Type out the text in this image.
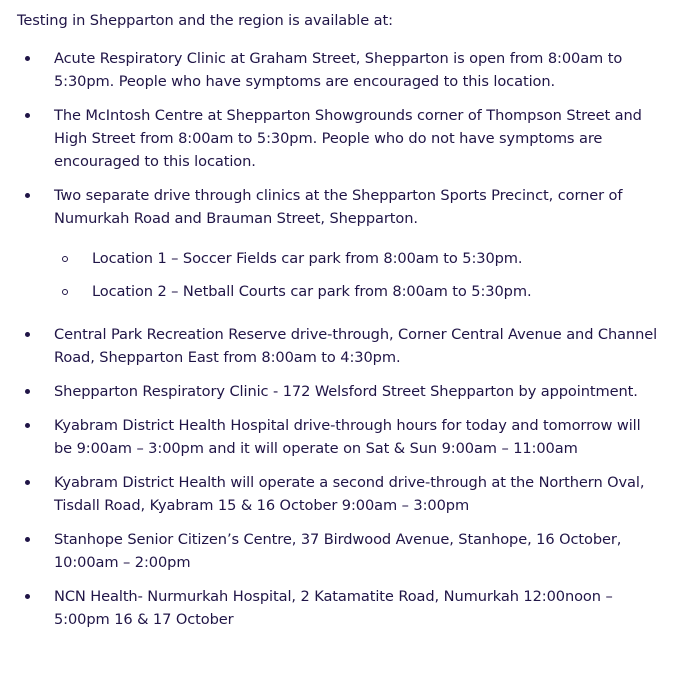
Testing in Shepparton and the region is available at:

Acute Respiratory Clinic at Graham Street, Shepparton is open from 8:00am to 5:30pm. People who have symptoms are encouraged to this location.
The McIntosh Centre at Shepparton Showgrounds corner of Thompson Street and High Street from 8:00am to 5:30pm. People who do not have symptoms are encouraged to this location.
Two separate drive through clinics at the Shepparton Sports Precinct, corner of Numurkah Road and Brauman Street, Shepparton.
Location 1 – Soccer Fields car park from 8:00am to 5:30pm.
Location 2 – Netball Courts car park from 8:00am to 5:30pm.
Central Park Recreation Reserve drive-through, Corner Central Avenue and Channel Road, Shepparton East from 8:00am to 4:30pm.
Shepparton Respiratory Clinic - 172 Welsford Street Shepparton by appointment.
Kyabram District Health Hospital drive-through hours for today and tomorrow will be 9:00am – 3:00pm and it will operate on Sat & Sun 9:00am – 11:00am
Kyabram District Health will operate a second drive-through at the Northern Oval, Tisdall Road, Kyabram 15 & 16 October 9:00am – 3:00pm
Stanhope Senior Citizen’s Centre, 37 Birdwood Avenue, Stanhope, 16 October, 10:00am – 2:00pm
NCN Health- Nurmurkah Hospital, 2 Katamatite Road, Numurkah 12:00noon – 5:00pm 16 & 17 October
